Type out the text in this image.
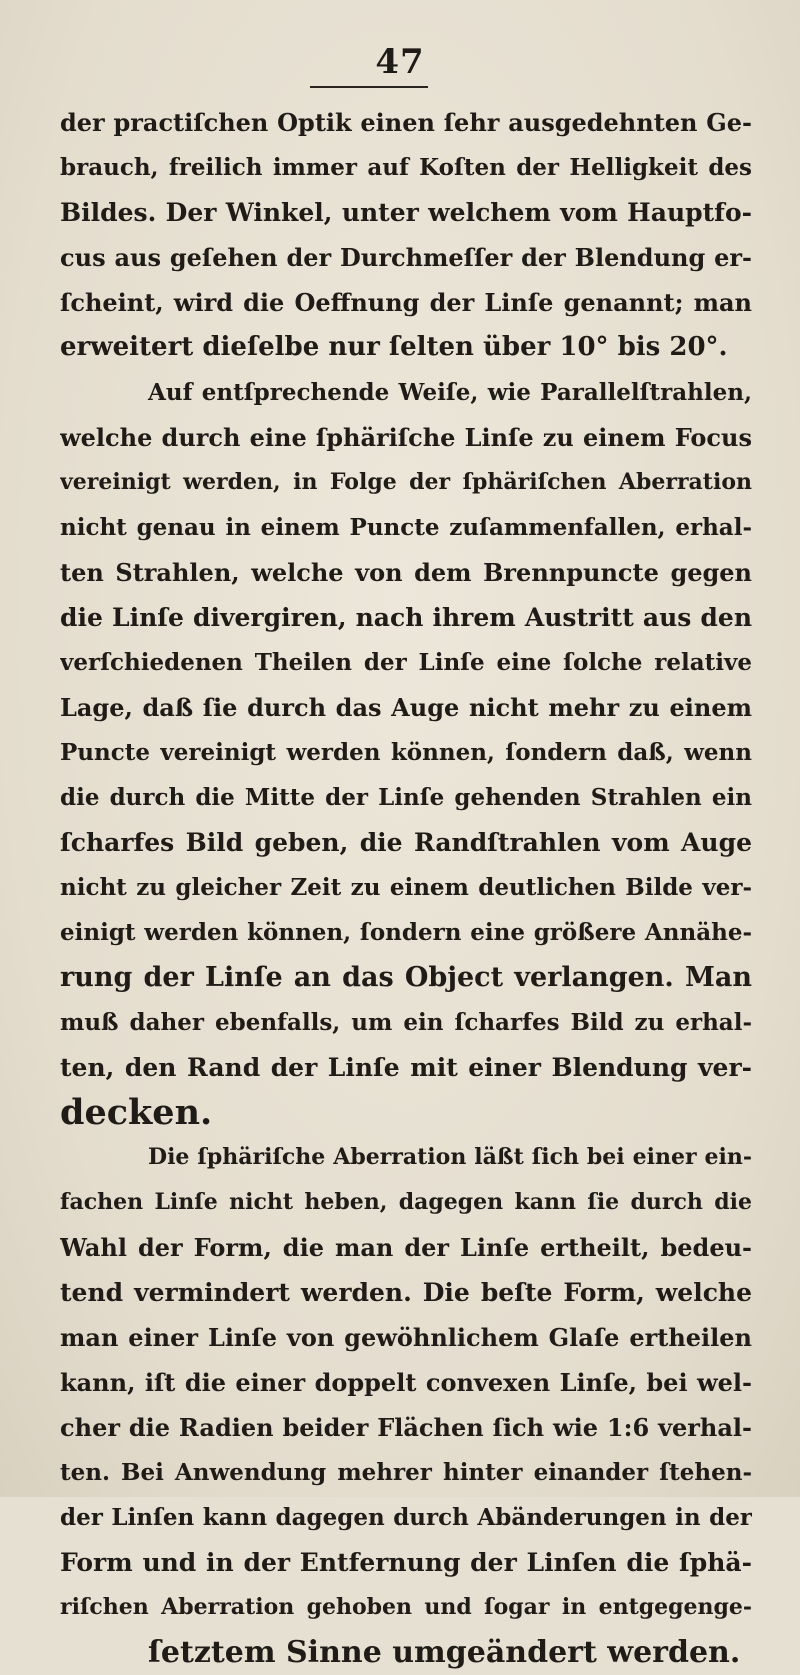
47
der practiſchen Optik einen ſehr ausgedehnten Ge-
brauch, freilich immer auf Koſten der Helligkeit des
Bildes. Der Winkel, unter welchem vom Hauptfo-
cus aus geſehen der Durchmeſſer der Blendung er-
ſcheint, wird die Oeffnung der Linſe genannt; man
erweitert dieſelbe nur ſelten über 10° bis 20°.
Auf entſprechende Weiſe, wie Parallelſtrahlen,
welche durch eine ſphäriſche Linſe zu einem Focus
vereinigt werden, in Folge der ſphäriſchen Aberration
nicht genau in einem Puncte zuſammenfallen, erhal-
ten Strahlen, welche von dem Brennpuncte gegen
die Linſe divergiren, nach ihrem Austritt aus den
verſchiedenen Theilen der Linſe eine ſolche relative
Lage, daß ſie durch das Auge nicht mehr zu einem
Puncte vereinigt werden können, ſondern daß, wenn
die durch die Mitte der Linſe gehenden Strahlen ein
ſcharfes Bild geben, die Randſtrahlen vom Auge
nicht zu gleicher Zeit zu einem deutlichen Bilde ver-
einigt werden können, ſondern eine größere Annähe-
rung der Linſe an das Object verlangen. Man
muß daher ebenfalls, um ein ſcharfes Bild zu erhal-
ten, den Rand der Linſe mit einer Blendung ver-
decken.
Die ſphäriſche Aberration läßt ſich bei einer ein-
fachen Linſe nicht heben, dagegen kann ſie durch die
Wahl der Form, die man der Linſe ertheilt, bedeu-
tend vermindert werden. Die beſte Form, welche
man einer Linſe von gewöhnlichem Glaſe ertheilen
kann, iſt die einer doppelt convexen Linſe, bei wel-
cher die Radien beider Flächen ſich wie 1:6 verhal-
ten. Bei Anwendung mehrer hinter einander ſtehen-
der Linſen kann dagegen durch Abänderungen in der
Form und in der Entfernung der Linſen die ſphä-
riſchen Aberration gehoben und ſogar in entgegenge-
ſetztem Sinne umgeändert werden.
